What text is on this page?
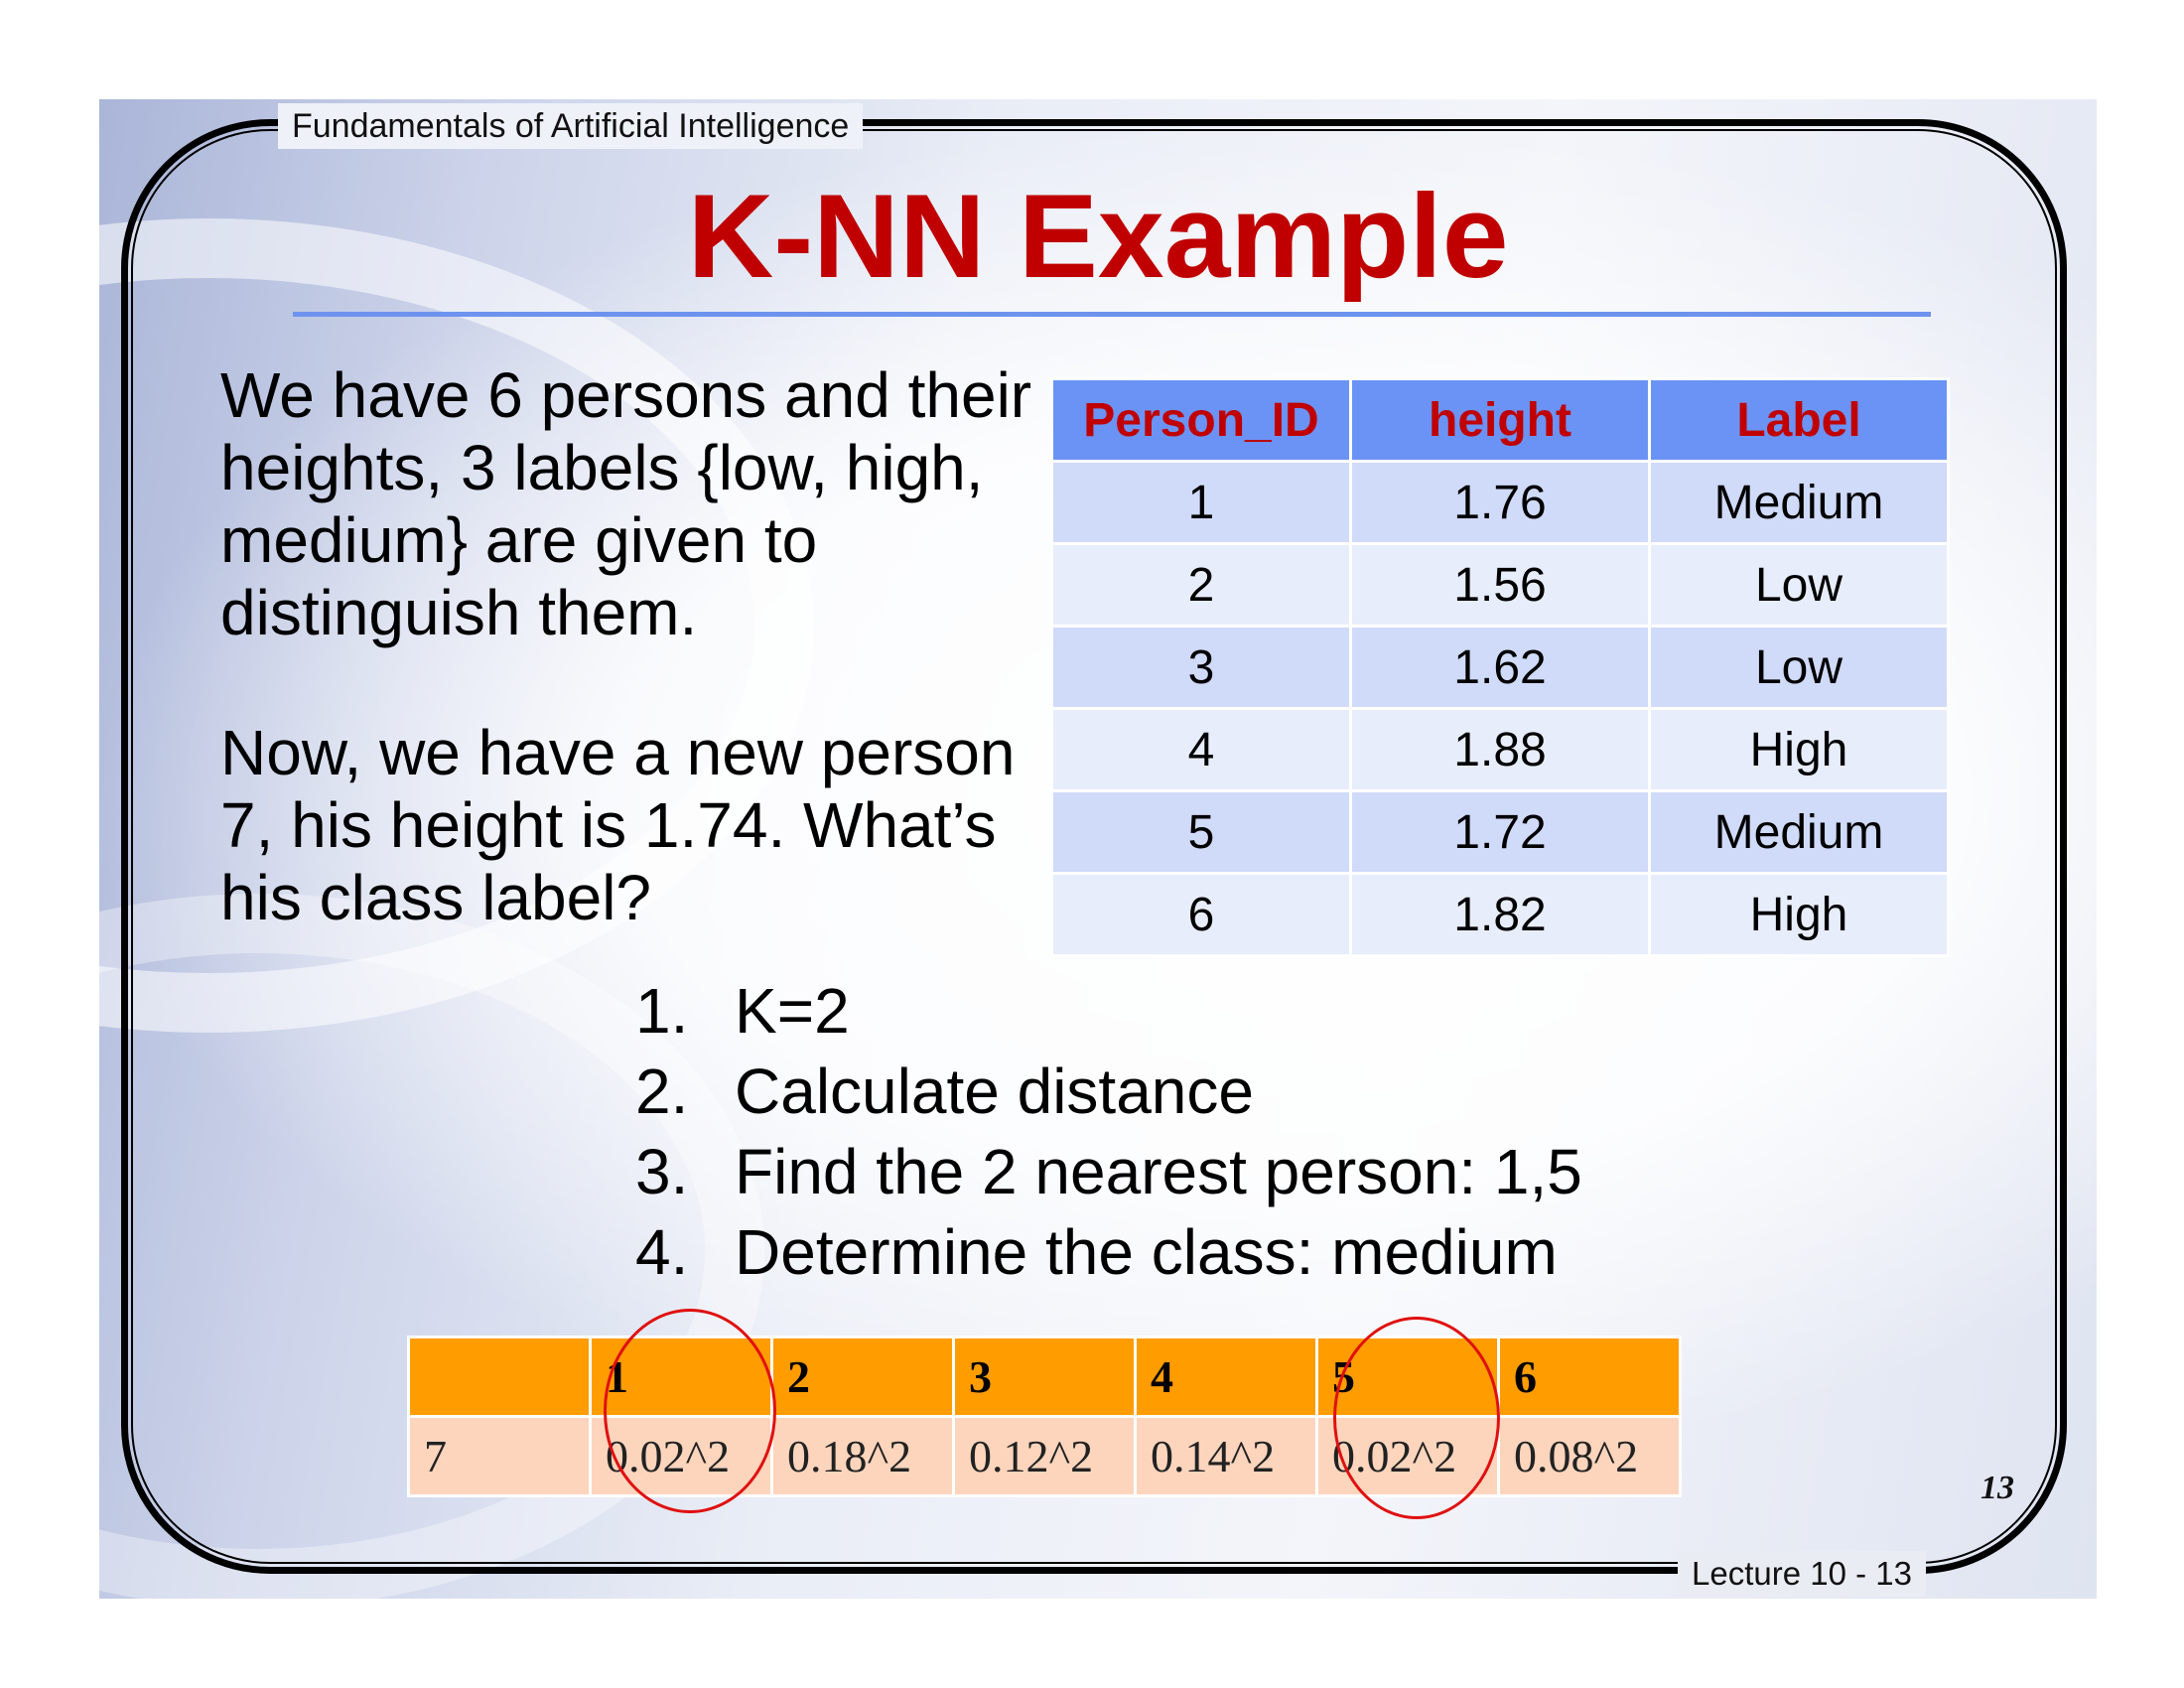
Fundamentals of Artificial Intelligence
K-NN Example

We have 6 persons and their heights, 3 labels {low, high, medium} are given to distinguish them.

Now, we have a new person 7, his height is 1.74. What’s his class label?

Person_ID	height	Label
1	1.76	Medium
2	1.56	Low
3	1.62	Low
4	1.88	High
5	1.72	Medium
6	1.82	High
1. K=2
2. Calculate distance
3. Find the 2 nearest person: 1,5
4. Determine the class: medium
	1	2	3	4	5	6
7	0.02^2	0.18^2	0.12^2	0.14^2	0.02^2	0.08^2
13
Lecture 10 - 13
